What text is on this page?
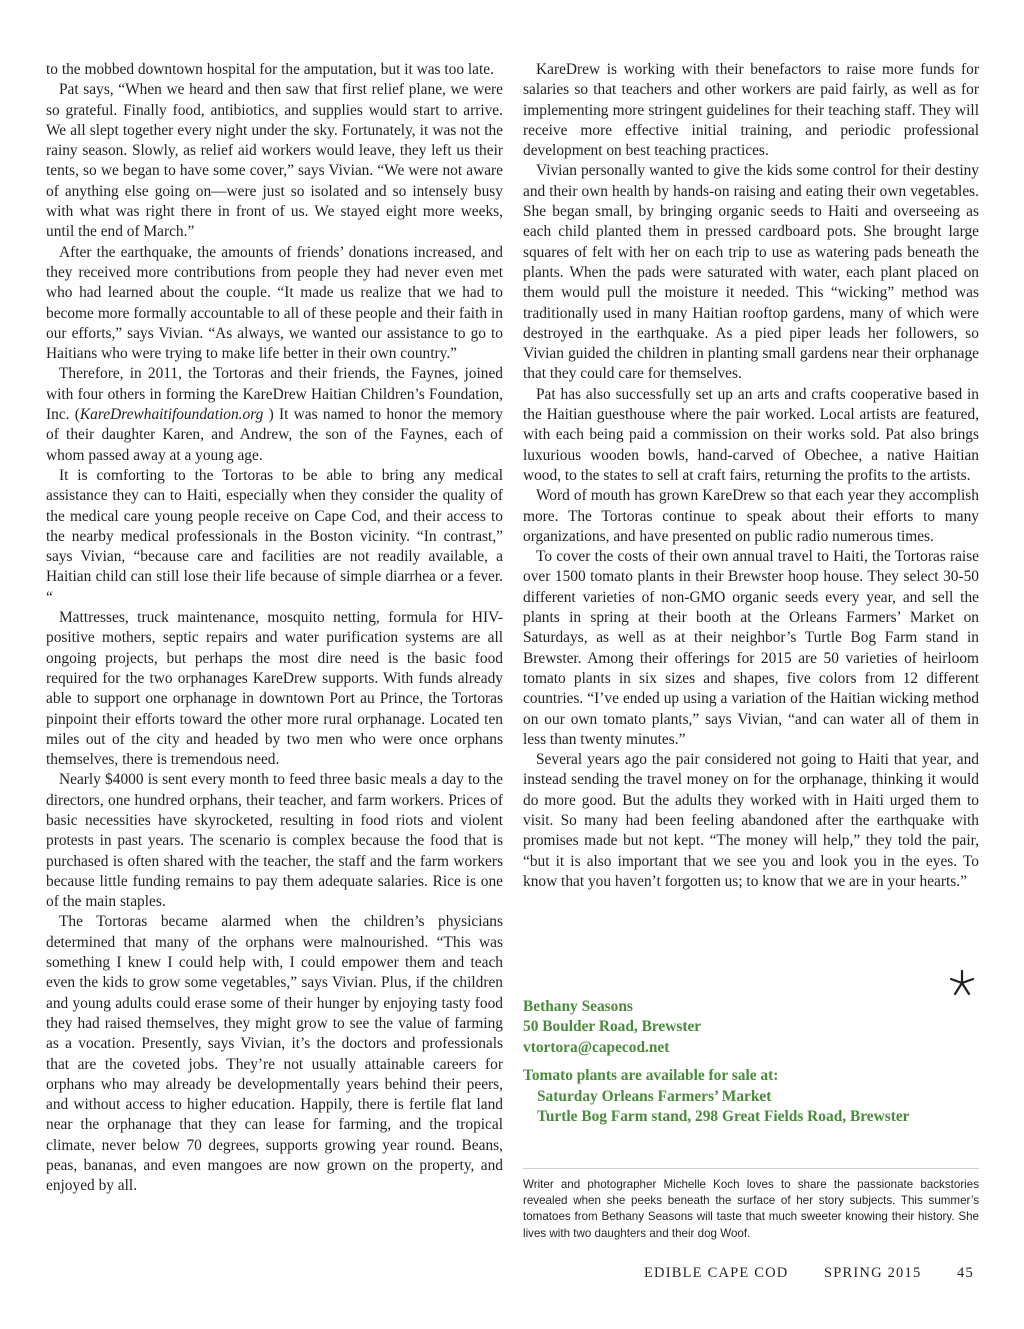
to the mobbed downtown hospital for the amputation, but it was too late.

Pat says, “When we heard and then saw that first relief plane, we were so grateful. Finally food, antibiotics, and supplies would start to arrive. We all slept together every night under the sky. Fortunately, it was not the rainy season. Slowly, as relief aid workers would leave, they left us their tents, so we began to have some cover,” says Vivian. “We were not aware of anything else going on—were just so isolated and so intensely busy with what was right there in front of us. We stayed eight more weeks, until the end of March.”

After the earthquake, the amounts of friends’ donations increased, and they received more contributions from people they had never even met who had learned about the couple. “It made us realize that we had to become more formally accountable to all of these people and their faith in our efforts,” says Vivian. “As always, we wanted our assistance to go to Haitians who were trying to make life better in their own country.”

Therefore, in 2011, the Tortoras and their friends, the Faynes, joined with four others in forming the KareDrew Haitian Children’s Foundation, Inc. (KareDrewhaitifoundation.org ) It was named to honor the memory of their daughter Karen, and Andrew, the son of the Faynes, each of whom passed away at a young age.

It is comforting to the Tortoras to be able to bring any medical assistance they can to Haiti, especially when they consider the quality of the medical care young people receive on Cape Cod, and their access to the nearby medical professionals in the Boston vicinity. “In contrast,” says Vivian, “because care and facilities are not readily available, a Haitian child can still lose their life because of simple diarrhea or a fever. “

Mattresses, truck maintenance, mosquito netting, formula for HIV-positive mothers, septic repairs and water purification systems are all ongoing projects, but perhaps the most dire need is the basic food required for the two orphanages KareDrew supports. With funds already able to support one orphanage in downtown Port au Prince, the Tortoras pinpoint their efforts toward the other more rural orphanage. Located ten miles out of the city and headed by two men who were once orphans themselves, there is tremendous need.

Nearly $4000 is sent every month to feed three basic meals a day to the directors, one hundred orphans, their teacher, and farm workers. Prices of basic necessities have skyrocketed, resulting in food riots and violent protests in past years. The scenario is complex because the food that is purchased is often shared with the teacher, the staff and the farm workers because little funding remains to pay them adequate salaries. Rice is one of the main staples.

The Tortoras became alarmed when the children’s physicians determined that many of the orphans were malnourished. “This was something I knew I could help with, I could empower them and teach even the kids to grow some vegetables,” says Vivian. Plus, if the children and young adults could erase some of their hunger by enjoying tasty food they had raised themselves, they might grow to see the value of farming as a vocation. Presently, says Vivian, it’s the doctors and professionals that are the coveted jobs. They’re not usually attainable careers for orphans who may already be developmentally years behind their peers, and without access to higher education. Happily, there is fertile flat land near the orphanage that they can lease for farming, and the tropical climate, never below 70 degrees, supports growing year round. Beans, peas, bananas, and even mangoes are now grown on the property, and enjoyed by all.

KareDrew is working with their benefactors to raise more funds for salaries so that teachers and other workers are paid fairly, as well as for implementing more stringent guidelines for their teaching staff. They will receive more effective initial training, and periodic professional development on best teaching practices.

Vivian personally wanted to give the kids some control for their destiny and their own health by hands-on raising and eating their own vegetables. She began small, by bringing organic seeds to Haiti and overseeing as each child planted them in pressed cardboard pots. She brought large squares of felt with her on each trip to use as watering pads beneath the plants. When the pads were saturated with water, each plant placed on them would pull the moisture it needed. This “wicking” method was traditionally used in many Haitian rooftop gardens, many of which were destroyed in the earthquake. As a pied piper leads her followers, so Vivian guided the children in planting small gardens near their orphanage that they could care for themselves.

Pat has also successfully set up an arts and crafts cooperative based in the Haitian guesthouse where the pair worked. Local artists are featured, with each being paid a commission on their works sold. Pat also brings luxurious wooden bowls, hand-carved of Obechee, a native Haitian wood, to the states to sell at craft fairs, returning the profits to the artists.

Word of mouth has grown KareDrew so that each year they accomplish more. The Tortoras continue to speak about their efforts to many organizations, and have presented on public radio numerous times.

To cover the costs of their own annual travel to Haiti, the Tortoras raise over 1500 tomato plants in their Brewster hoop house. They select 30-50 different varieties of non-GMO organic seeds every year, and sell the plants in spring at their booth at the Orleans Farmers’ Market on Saturdays, as well as at their neighbor’s Turtle Bog Farm stand in Brewster. Among their offerings for 2015 are 50 varieties of heirloom tomato plants in six sizes and shapes, five colors from 12 different countries. “I’ve ended up using a variation of the Haitian wicking method on our own tomato plants,” says Vivian, “and can water all of them in less than twenty minutes.”

Several years ago the pair considered not going to Haiti that year, and instead sending the travel money on for the orphanage, thinking it would do more good. But the adults they worked with in Haiti urged them to visit. So many had been feeling abandoned after the earthquake with promises made but not kept. “The money will help,” they told the pair, “but it is also important that we see you and look you in the eyes. To know that you haven’t forgotten us; to know that we are in your hearts.”

Bethany Seasons
50 Boulder Road, Brewster
vtortora@capecod.net
Tomato plants are available for sale at:
Saturday Orleans Farmers’ Market
Turtle Bog Farm stand, 298 Great Fields Road, Brewster
Writer and photographer Michelle Koch loves to share the passionate backstories revealed when she peeks beneath the surface of her story subjects. This summer’s tomatoes from Bethany Seasons will taste that much sweeter knowing their history. She lives with two daughters and their dog Woof.
EDIBLE CAPE COD SPRING 2015 45
